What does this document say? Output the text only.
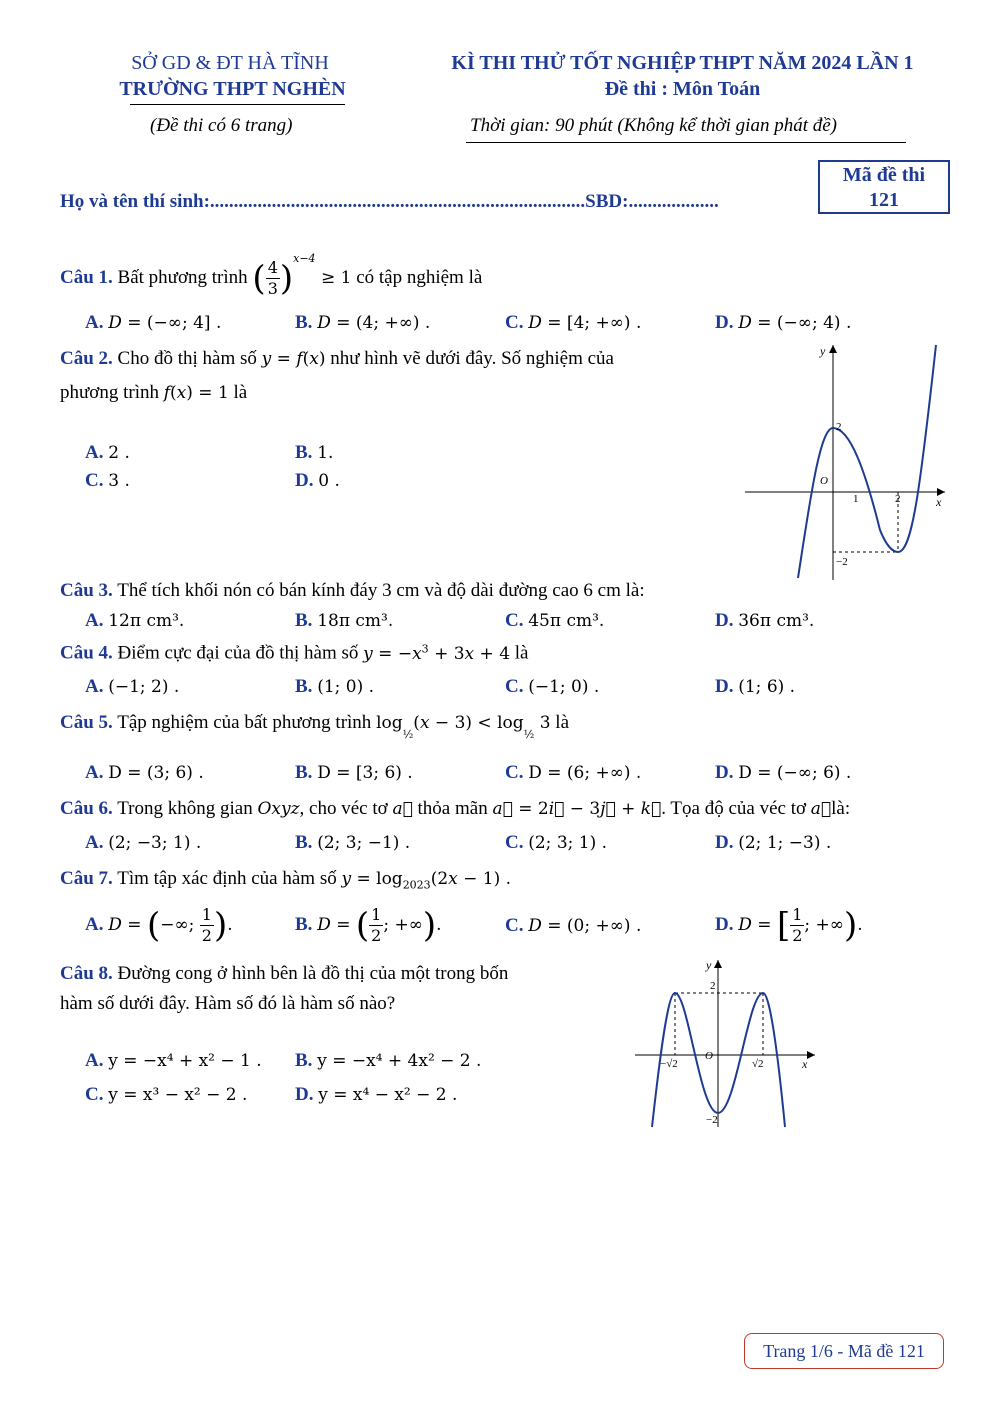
SỞ GD & ĐT HÀ TĨNH
TRƯỜNG THPT NGHÈN
(Đề thi có 6 trang)
KÌ THI THỬ TỐT NGHIỆP THPT NĂM 2024 LẦN 1
Đề thi : Môn Toán
Thời gian: 90 phút (Không kể thời gian phát đề)
Mã đề thi
121
Họ và tên thí sinh:...............................................................................SBD:...................
Câu 1. Bất phương trình ( $\frac{4}{3} )^{x-4} \ge 1$ có tập nghiệm là
A. D = (−∞; 4] .	B. D = (4; +∞) .	C. D = [4; +∞) .	D. D = (−∞; 4) .
Câu 2. Cho đồ thị hàm số y = f(x) như hình vẽ dưới đây. Số nghiệm của
phương trình f(x) = 1 là
A. 2 .	B. 1.
C. 3 .	D. 0 .
y
x
O
2
−2
1	2
Câu 3. Thể tích khối nón có bán kính đáy 3 cm và độ dài đường cao 6 cm là:
A. 12π cm³.	B. 18π cm³.	C. 45π cm³.	D. 36π cm³.
Câu 4. Điểm cực đại của đồ thị hàm số $y = -x^3 + 3x + 4$ là
A. (−1; 2) .	B. (1; 0) .	C. (−1; 0) .	D. (1; 6) .
Câu 5. Tập nghiệm của bất phương trình $\log_{\frac{1}{2}}(x - 3) < \log_{\frac{1}{2}} 3$ là
A. D = (3; 6) .	B. D = [3; 6) .	C. D = (6; +∞) .	D. D = (−∞; 6) .
Câu 6. Trong không gian Oxyz, cho véc tơ a⃗ thỏa mãn a⃗ = 2i⃗ − 3j⃗ + k⃗. Tọa độ của véc tơ a⃗là:
A. (2; −3; 1) .	B. (2; 3; −1) .	C. (2; 3; 1) .	D. (2; 1; −3) .
Câu 7. Tìm tập xác định của hàm số $y = \log_{2023}(2x - 1)$ .
A. D = (−∞; $\frac{1}{2}$ ).	B. D = ( $\frac{1}{2}$ ; +∞).	C. D = (0; +∞) .	D. D = [ $\frac{1}{2}$ ; +∞).
Câu 8. Đường cong ở hình bên là đồ thị của một trong bốn
hàm số dưới đây. Hàm số đó là hàm số nào?
A. y = −x⁴ + x² − 1 . B. y = −x⁴ + 4x² − 2 .
C. y = x³ − x² − 2 .	D. y = x⁴ − x² − 2 .
y
x
O
2
−2
−√2	√2
Trang 1/6 - Mã đề 121
